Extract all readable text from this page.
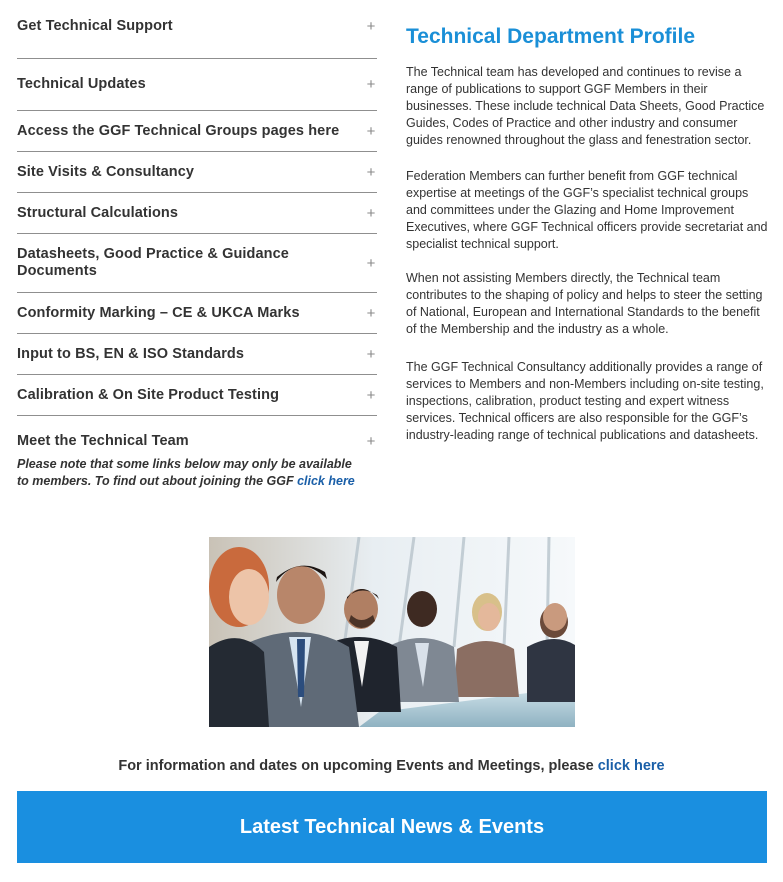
Get Technical Support	+
Technical Updates	+
Access the GGF Technical Groups pages here +
Site Visits & Consultancy	+
Structural Calculations	+
Datasheets, Good Practice & Guidance Documents	+
Conformity Marking – CE & UKCA Marks	+
Input to BS, EN & ISO Standards	+
Calibration & On Site Product Testing	+
Meet the Technical Team	+
Please note that some links below may only be available to members. To find out about joining the GGF click here
Technical Department Profile

The Technical team has developed and continues to revise a range of publications to support GGF Members in their businesses. These include technical Data Sheets, Good Practice Guides, Codes of Practice and other industry and consumer guides renowned throughout the glass and fenestration sector.

Federation Members can further benefit from GGF technical expertise at meetings of the GGF’s specialist technical groups and committees under the Glazing and Home Improvement Executives, where GGF Technical officers provide secretariat and specialist technical support.

When not assisting Members directly, the Technical team contributes to the shaping of policy and helps to steer the setting of National, European and International Standards to the benefit of the Membership and the industry as a whole.

The GGF Technical Consultancy additionally provides a range of services to Members and non-Members including on-site testing, inspections, calibration, product testing and expert witness services. Technical officers are also responsible for the GGF’s industry-leading range of technical publications and datasheets.

For information and dates on upcoming Events and Meetings, please click here
Latest Technical News & Events
